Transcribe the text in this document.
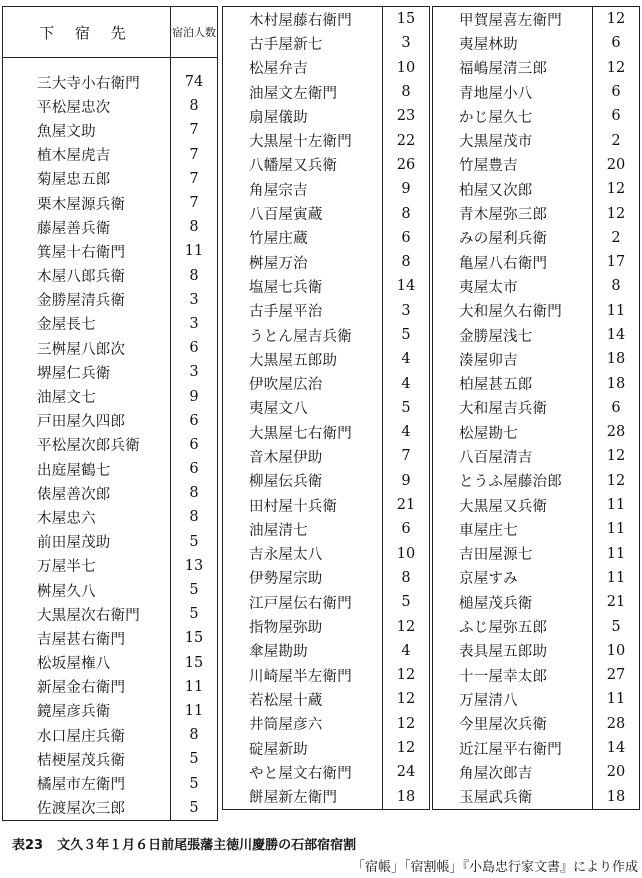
下 宿 先	宿泊人数

三大寺小右衛門	74
平松屋忠次	8
魚屋文助	7
植木屋虎吉	7
菊屋忠五郎	7
栗木屋源兵衛	7
藤屋善兵衛	8
箕屋十右衛門	11
木屋八郎兵衛	8
金勝屋清兵衛	3
金屋長七	3
三桝屋八郎次	6
堺屋仁兵衛	3
油屋文七	9
戸田屋久四郎	6
平松屋次郎兵衛	6
出庭屋鶴七	6
俵屋善次郎	8
木屋忠六	8
前田屋茂助	5
万屋半七	13
桝屋久八	5
大黒屋次右衛門	5
吉屋甚右衛門	15
松坂屋権八	15
新屋金右衛門	11
鏡屋彦兵衛	11
水口屋庄兵衛	8
桔梗屋茂兵衛	5
橘屋市左衛門	5
佐渡屋次三郎	5
木村屋藤右衛門	15
古手屋新七	3
松屋弁吉	10
油屋文左衛門	8
扇屋儀助	23
大黒屋十左衛門	22
八幡屋又兵衛	26
角屋宗吉	9
八百屋寅蔵	8
竹屋庄蔵	6
桝屋万治	8
塩屋七兵衛	14
古手屋平治	3
うとん屋吉兵衛	5
大黒屋五郎助	4
伊吹屋広治	4
夷屋文八	5
大黒屋七右衛門	4
音木屋伊助	7
柳屋伝兵衛	9
田村屋十兵衛	21
油屋清七	6
吉永屋太八	10
伊勢屋宗助	8
江戸屋伝右衛門	5
指物屋弥助	12
傘屋勘助	4
川崎屋半左衛門	12
若松屋十蔵	12
井筒屋彦六	12
碇屋新助	12
やと屋文右衛門	24
餅屋新左衛門	18
甲賀屋喜左衛門	12
夷屋林助	6
福嶋屋清三郎	12
青地屋小八	6
かじ屋久七	6
大黒屋茂市	2
竹屋豊吉	20
柏屋又次郎	12
青木屋弥三郎	12
みの屋利兵衛	2
亀屋八右衛門	17
夷屋太市	8
大和屋久右衛門	11
金勝屋浅七	14
湊屋卯吉	18
柏屋甚五郎	18
大和屋吉兵衛	6
松屋勘七	28
八百屋清吉	12
とうふ屋藤治郎	12
大黒屋又兵衛	11
車屋庄七	11
吉田屋源七	11
京屋すみ	11
槌屋茂兵衛	21
ふじ屋弥五郎	5
表具屋五郎助	10
十一屋幸太郎	27
万屋清八	11
今里屋次兵衛	28
近江屋平右衛門	14
角屋次郎吉	20
玉屋武兵衛	18
表23 文久３年１月６日前尾張藩主徳川慶勝の石部宿宿割
「宿帳」「宿割帳」『小島忠行家文書』により作成
